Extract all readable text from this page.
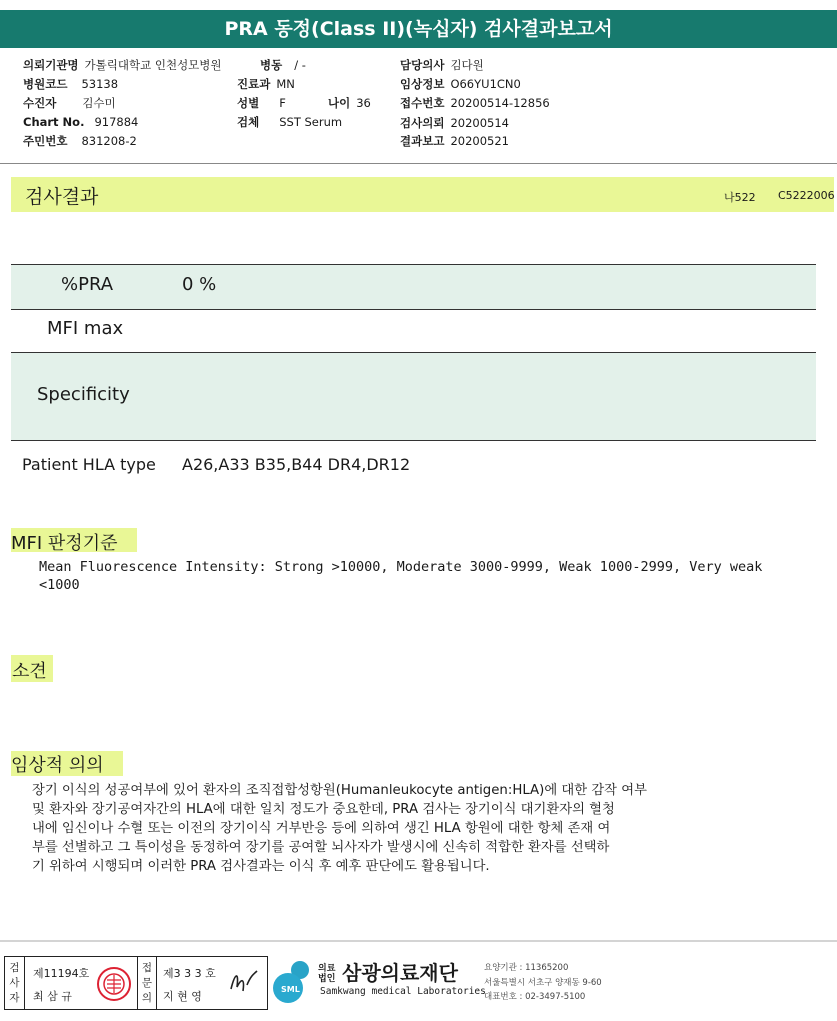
PRA 동정(Class II)(녹십자) 검사결과보고서
의뢰기관명 가톨릭대학교 인천성모병원	병동 / -	담당의사 김다원
병원코드 53138	진료과 MN	임상정보 O66YU1CN0
수진자 김수미	성별 F	나이 36	접수번호 20200514-12856
Chart No. 917884	검체 SST Serum	검사의뢰 20200514
주민번호 831208-2	결과보고 20200521
검사결과	나522 C5222006
%PRA	0 %
MFI max
Specificity
Patient HLA type A26,A33 B35,B44 DR4,DR12
MFI 판정기준
Mean Fluorescence Intensity: Strong >10000, Moderate 3000-9999, Weak 1000-2999, Very weak
<1000
소견
임상적 의의
장기 이식의 성공여부에 있어 환자의 조직접합성항원(Humanleukocyte antigen:HLA)에 대한 감작 여부
및 환자와 장기공여자간의 HLA에 대한 일치 정도가 중요한데, PRA 검사는 장기이식 대기환자의 혈청
내에 임신이나 수혈 또는 이전의 장기이식 거부반응 등에 의하여 생긴 HLA 항원에 대한 항체 존재 여
부를 선별하고 그 특이성을 동정하여 장기를 공여할 뇌사자가 발생시에 신속히 적합한 환자를 선택하
기 위하여 시행되며 이러한 PRA 검사결과는 이식 후 예후 판단에도 활용됩니다.
검사자
제11194호
최 삼 규
접문의
제3 3 3 호
지 현 영
SML
의료법인 삼광의료재단
Samkwang medical Laboratories
요양기관 : 11365200
서울특별시 서초구 양재동 9-60
대표번호 : 02-3497-5100
